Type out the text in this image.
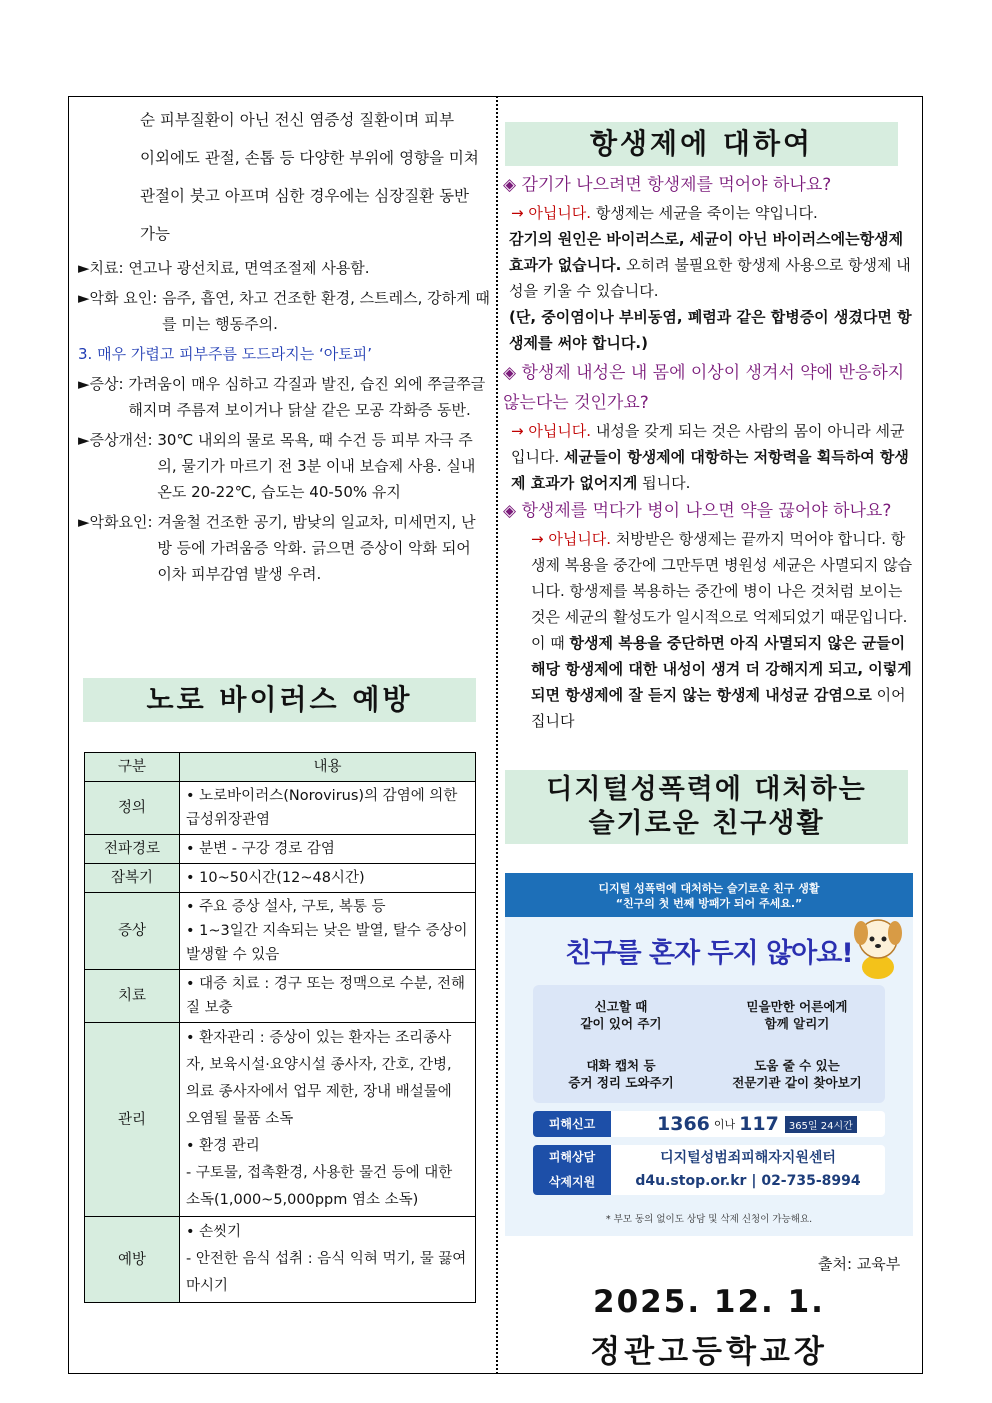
순 피부질환이 아닌 전신 염증성 질환이며 피부

이외에도 관절, 손톱 등 다양한 부위에 영향을 미쳐

관절이 붓고 아프며 심한 경우에는 심장질환 동반

가능

►치료:
연고나 광선치료, 면역조절제 사용함.
►악화 요인:
음주, 흡연, 차고 건조한 환경, 스트레스, 강하게 때를 미는 행동주의.

3. 매우 가렵고 피부주름 도드라지는 ‘아토피’

►증상:
가려움이 매우 심하고 각질과 발진, 습진 외에 쭈글쭈글 해지며 주름져 보이거나 닭살 같은 모공 각화증 동반.
►증상개선:
30℃ 내외의 물로 목욕, 때 수건 등 피부 자극 주의, 물기가 마르기 전 3분 이내 보습제 사용. 실내 온도 20-22℃, 습도는 40-50% 유지
►악화요인:
겨울철 건조한 공기, 밤낮의 일교차, 미세먼지, 난방 등에 가려움증 악화. 긁으면 증상이 악화 되어 이차 피부감염 발생 우려.
노로 바이러스 예방
구분	내용
정의	• 노로바이러스(Norovirus)의 감염에 의한 급성위장관염

전파경로	• 분변 - 구강 경로 감염

잠복기	• 10~50시간(12~48시간)

증상	• 주요 증상 설사, 구토, 복통 등
• 1~3일간 지속되는 낮은 발열, 탈수 증상이 발생할 수 있음

치료	• 대증 치료 : 경구 또는 정맥으로 수분, 전해질 보충

관리	• 환자관리 : 증상이 있는 환자는 조리종사자, 보육시설·요양시설 종사자, 간호, 간병, 의료 종사자에서 업무 제한, 장내 배설물에 오염될 물품 소독
• 환경 관리
- 구토물, 접촉환경, 사용한 물건 등에 대한 소독(1,000~5,000ppm 염소 소독)

예방	• 손씻기
- 안전한 음식 섭취 : 음식 익혀 먹기, 물 끓여 마시기
항생제에 대하여

◈ 감기가 나으려면 항생제를 먹어야 하나요?

→ 아닙니다. 항생제는 세균을 죽이는 약입니다.

감기의 원인은 바이러스로, 세균이 아닌 바이러스에는항생제 효과가 없습니다. 오히려 불필요한 항생제 사용으로 항생제 내성을 키울 수 있습니다.

(단, 중이염이나 부비동염, 폐렴과 같은 합병증이 생겼다면 항생제를 써야 합니다.)

◈ 항생제 내성은 내 몸에 이상이 생겨서 약에 반응하지 않는다는 것인가요?

→ 아닙니다. 내성을 갖게 되는 것은 사람의 몸이 아니라 세균입니다. 세균들이 항생제에 대항하는 저항력을 획득하여 항생제 효과가 없어지게 됩니다.

◈ 항생제를 먹다가 병이 나으면 약을 끊어야 하나요?

→ 아닙니다. 처방받은 항생제는 끝까지 먹어야 합니다. 항생제 복용을 중간에 그만두면 병원성 세균은 사멸되지 않습니다. 항생제를 복용하는 중간에 병이 나은 것처럼 보이는 것은 세균의 활성도가 일시적으로 억제되었기 때문입니다. 이 때 항생제 복용을 중단하면 아직 사멸되지 않은 균들이 해당 항생제에 대한 내성이 생겨 더 강해지게 되고, 이렇게 되면 항생제에 잘 듣지 않는 항생제 내성균 감염으로 이어집니다

디지털성폭력에 대처하는
슬기로운 친구생활
디지털 성폭력에 대처하는 슬기로운 친구 생활
“친구의 첫 번째 방패가 되어 주세요.”
친구를 혼자 두지 않아요!
신고할 때
같이 있어 주기
믿을만한 어른에게
함께 알리기
대화 캡처 등
증거 정리 도와주기
도움 줄 수 있는
전문기관 같이 찾아보기
피해신고	1366 이나 117	365일 24시간
피해상담
삭제지원
디지털성범죄피해자지원센터
d4u.stop.or.kr | 02-735-8994
* 부모 동의 없이도 상담 및 삭제 신청이 가능해요.
출처: 교육부
2025. 12. 1.
정관고등학교장
